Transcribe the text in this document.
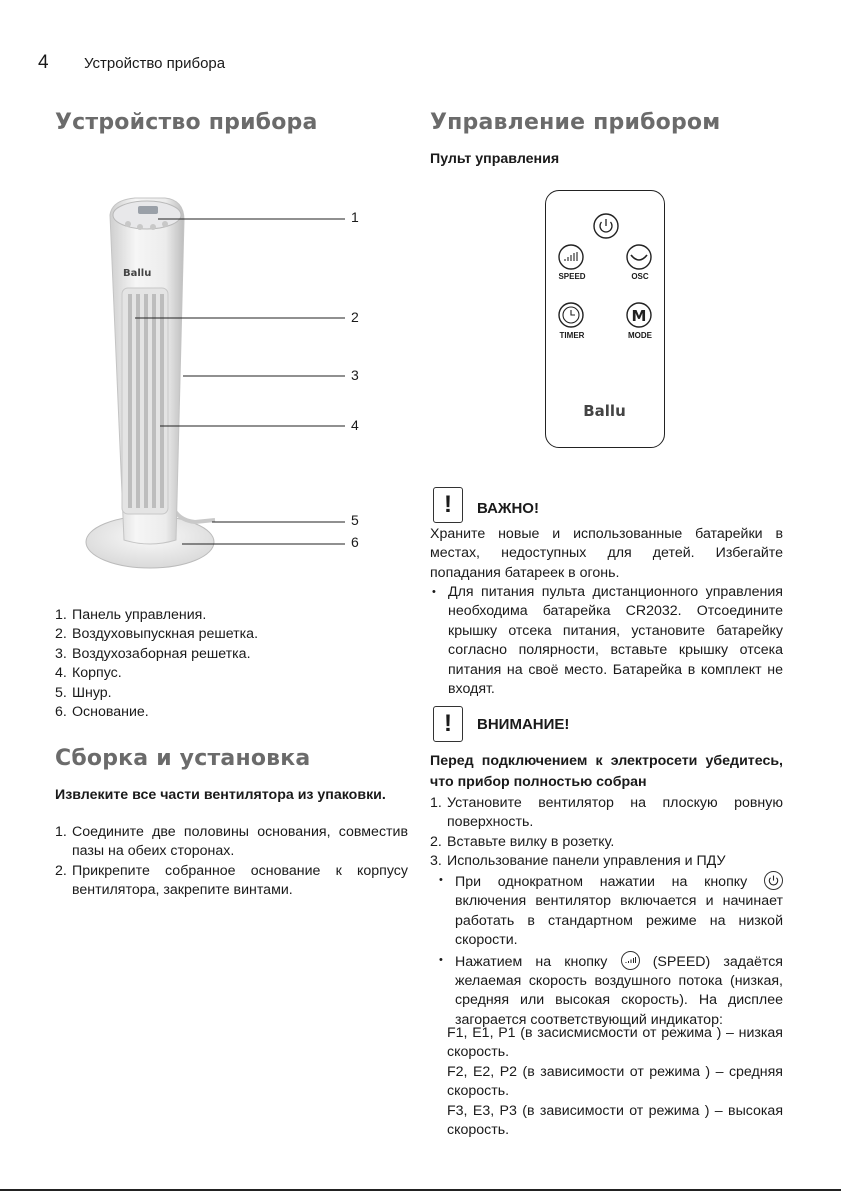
4 Устройство прибора
Устройство прибора
Ballu
1
2
3
4
5
6
1. Панель управления.
2. Воздуховыпускная решетка.
3. Воздухозаборная решетка.
4. Корпус.
5. Шнур.
6. Основание.
Сборка и установка
Извлеките все части вентилятора из упаковки.
1. Соедините две половины основания, совместив пазы на обеих сторонах.
2. Прикрепите собранное основание к корпусу вентилятора, закрепите винтами.
Управление прибором
Пульт управления
M
SPEED	OSC
TIMER	MODE
Ballu
!	ВАЖНО!
Храните новые и использованные батарейки в местах, недоступных для детей. Избегайте попадания батареек в огонь.
• Для питания пульта дистанционного управления необходима батарейка CR2032. Отсоедините крышку отсека питания, установите батарейку согласно полярности, вставьте крышку отсека питания на своё место. Батарейка в комплект не входят.
!	ВНИМАНИЕ!
Перед подключением к электросети убедитесь, что прибор полностью собран
1. Установите вентилятор на плоскую ровную поверхность.
2. Вставьте вилку в розетку.
3. Использование панели управления и ПДУ
• При однократном нажатии на кнопку
включения вентилятор включается и начинает работать в стандартном режиме на низкой скорости.
• Нажатием на кнопку	(SPEED) задаётся желаемая скорость воздушного потока (низкая, средняя или высокая скорость). На дисплее загорается соответствующий индикатор:
F1, E1, P1 (в засисмисмости от режима ) – низкая скорость.
F2, E2, P2 (в зависимости от режима ) – средняя скорость.
F3, E3, P3 (в зависимости от режима ) – высокая скорость.
